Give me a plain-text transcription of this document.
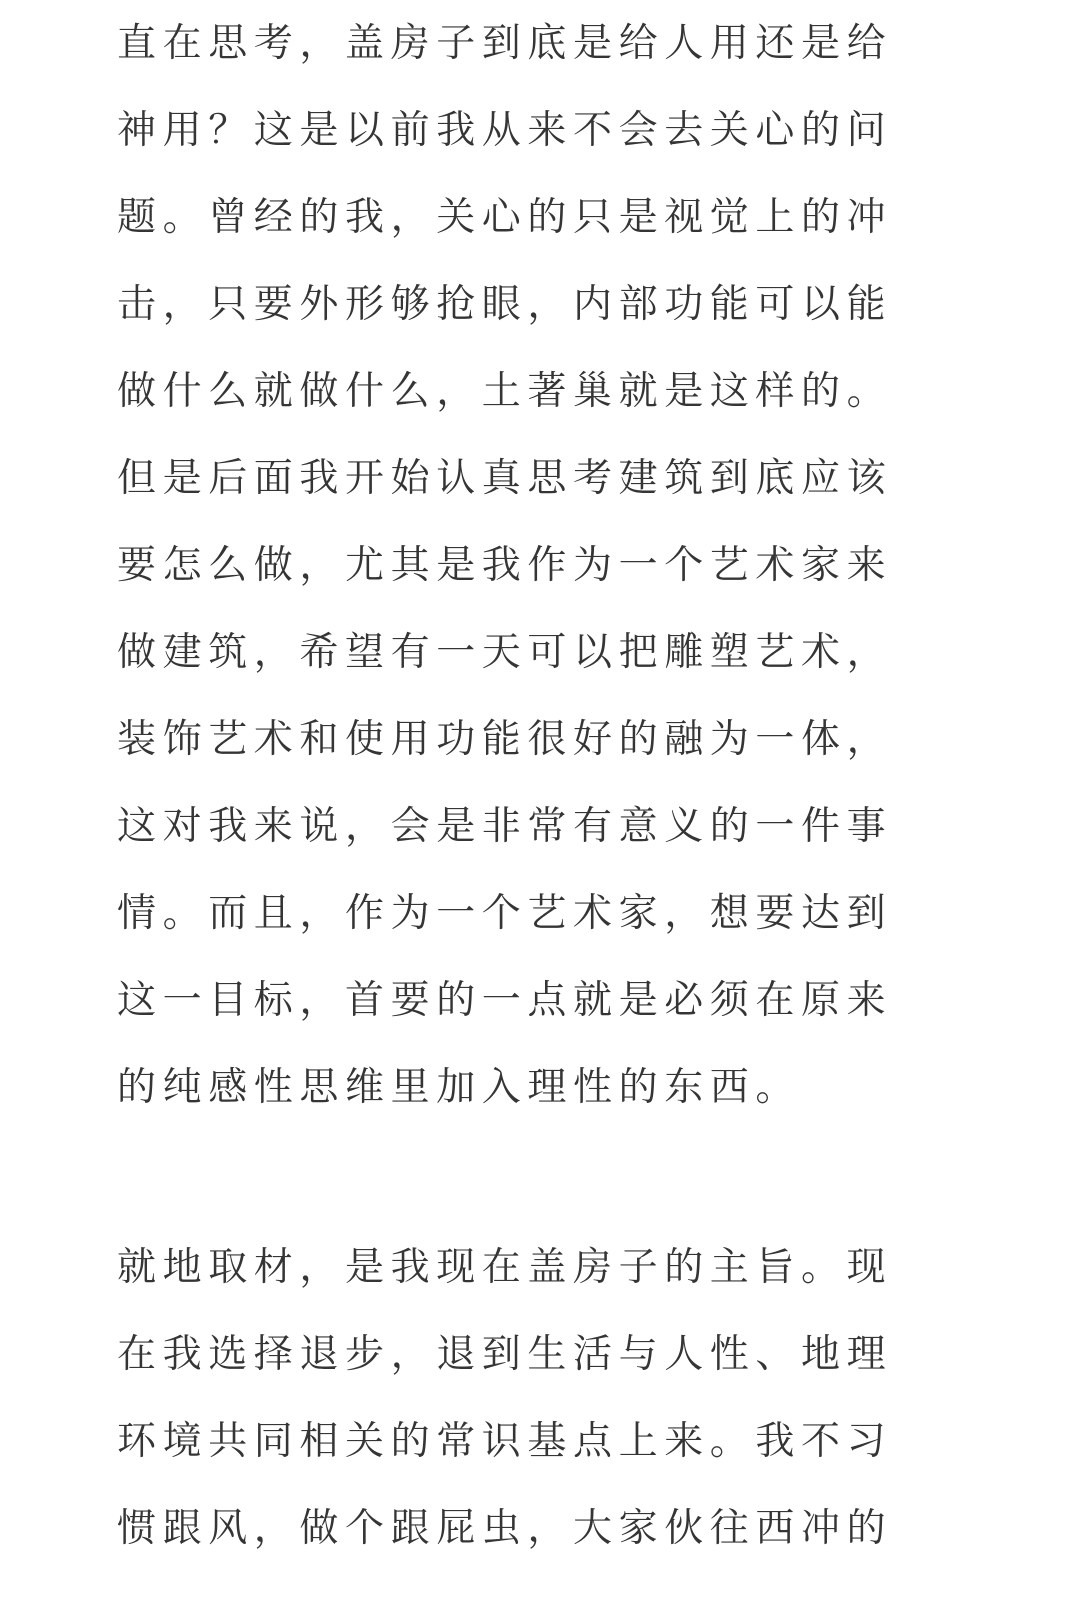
直在思考，盖房子到底是给人用还是给
神用？这是以前我从来不会去关心的问
题。曾经的我，关心的只是视觉上的冲
击，只要外形够抢眼，内部功能可以能
做什么就做什么，土著巢就是这样的。
但是后面我开始认真思考建筑到底应该
要怎么做，尤其是我作为一个艺术家来
做建筑，希望有一天可以把雕塑艺术，
装饰艺术和使用功能很好的融为一体，
这对我来说，会是非常有意义的一件事
情。而且，作为一个艺术家，想要达到
这一目标，首要的一点就是必须在原来
的纯感性思维里加入理性的东西。

就地取材，是我现在盖房子的主旨。现
在我选择退步，退到生活与人性、地理
环境共同相关的常识基点上来。我不习
惯跟风，做个跟屁虫，大家伙往西冲的
